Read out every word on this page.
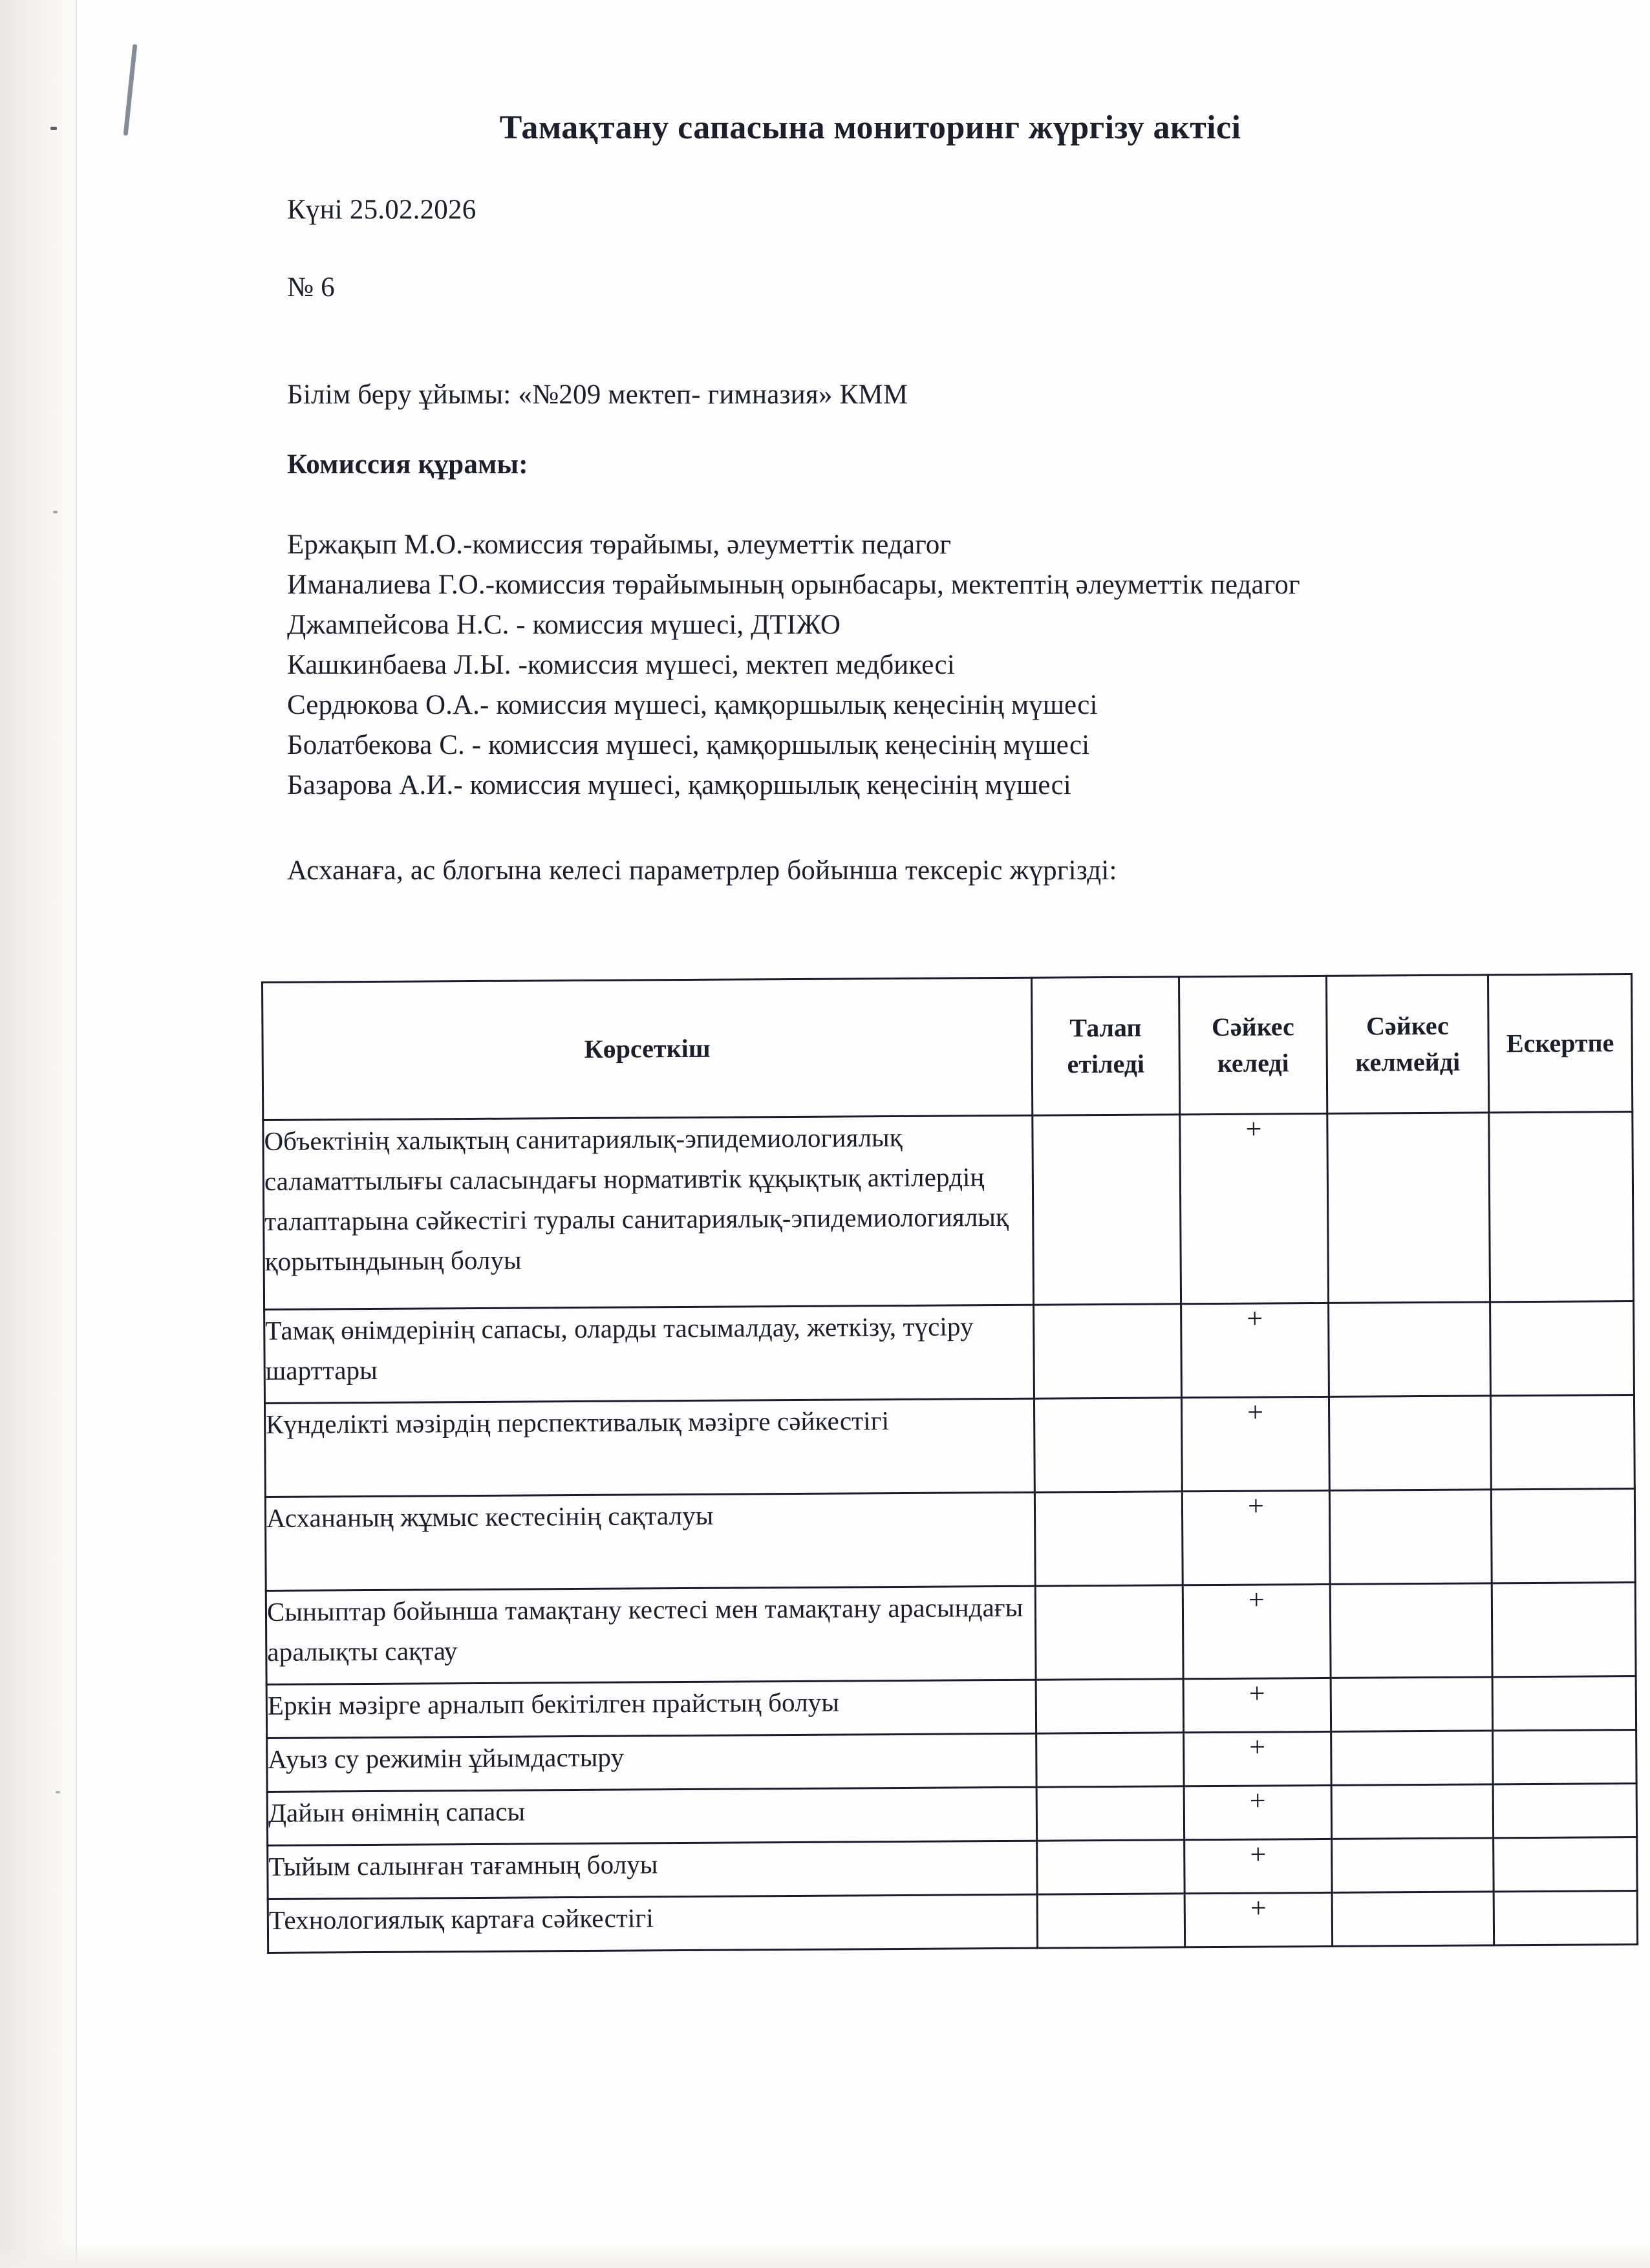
Тамақтану сапасына мониторинг жүргізу актісі
Күні 25.02.2026
№ 6
Білім беру ұйымы: «№209 мектеп- гимназия» КММ
Комиссия құрамы:
Ержақып М.О.-комиссия төрайымы, әлеуметтік педагог
Иманалиева Г.О.-комиссия төрайымының орынбасары, мектептің әлеуметтік педагог
Джампейсова Н.С. - комиссия мүшесі, ДТІЖО
Кашкинбаева Л.Ы. -комиссия мүшесі, мектеп медбикесі
Сердюкова О.А.- комиссия мүшесі, қамқоршылық кеңесінің мүшесі
Болатбекова С. - комиссия мүшесі, қамқоршылық кеңесінің мүшесі
Базарова А.И.- комиссия мүшесі, қамқоршылық кеңесінің мүшесі
Асханаға, ас блогына келесі параметрлер бойынша тексеріс жүргізді:
Көрсеткіш	Талап етіледі	Сәйкес келеді	Сәйкес келмейді	Ескертпе
Объектінің халықтың санитариялық-эпидемиологиялық саламаттылығы саласындағы нормативтік құқықтық актілердің талаптарына сәйкестігі туралы санитариялық-эпидемиологиялық қорытындының болуы		+		
Тамақ өнімдерінің сапасы, оларды тасымалдау, жеткізу, түсіру шарттары		+		
Күнделікті мәзірдің перспективалық мәзірге сәйкестігі		+		
Асхананың жұмыс кестесінің сақталуы		+		
Сыныптар бойынша тамақтану кестесі мен тамақтану арасындағы аралықты сақтау		+		
Еркін мәзірге арналып бекітілген прайстың болуы		+		
Ауыз су режимін ұйымдастыру		+		
Дайын өнімнің сапасы		+		
Тыйым салынған тағамның болуы		+		
Технологиялық картаға сәйкестігі		+		
